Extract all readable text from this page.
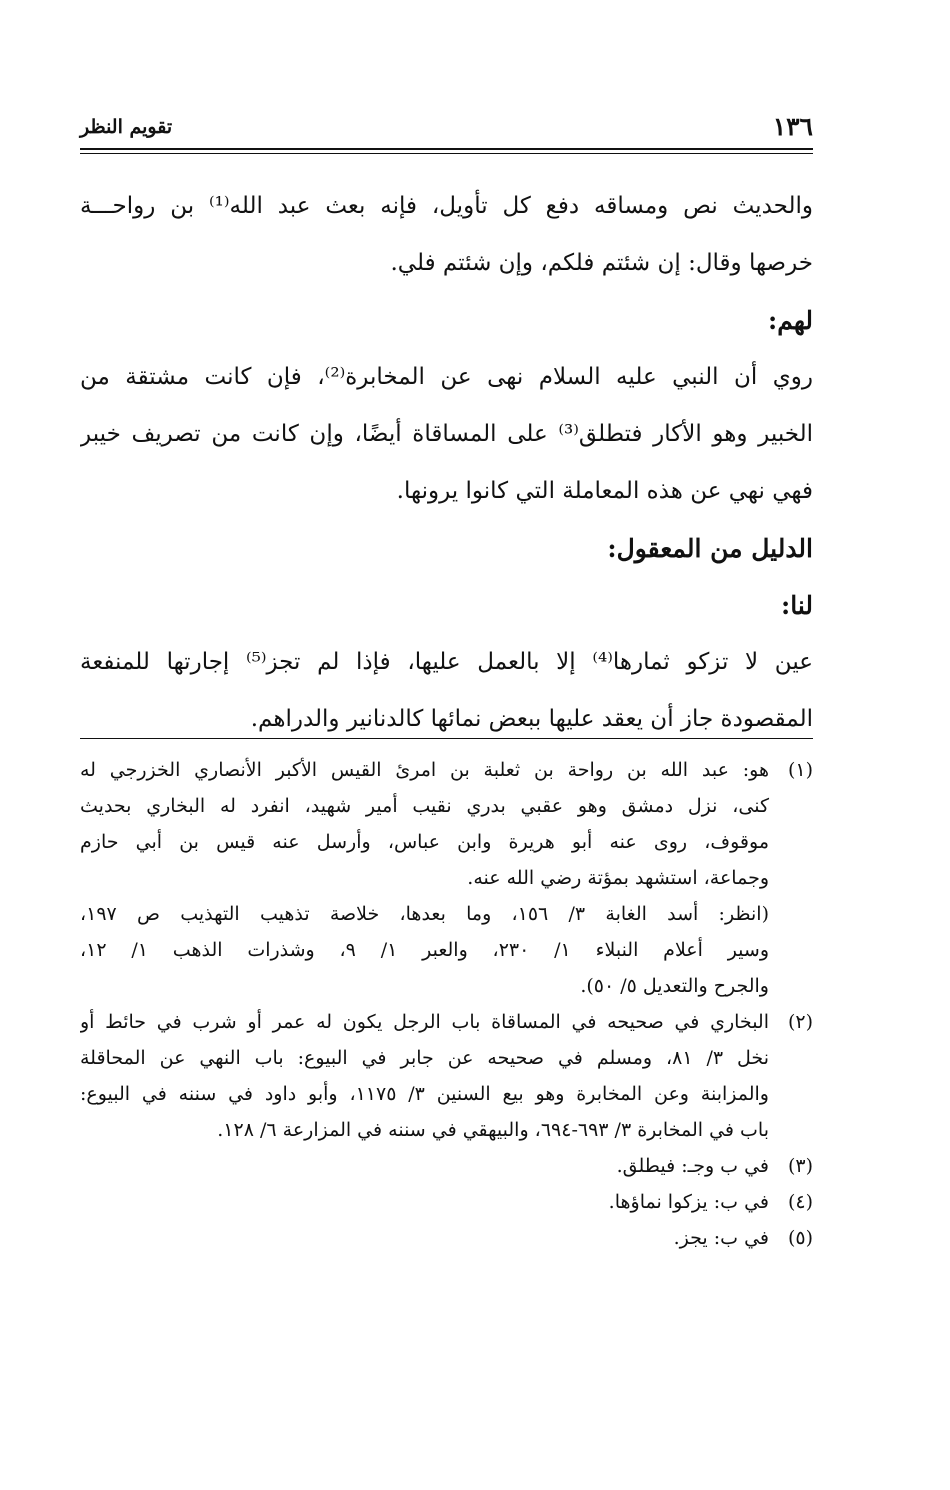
١٣٦
تقويم النظر
والحديث نص ومساقه دفع كل تأويل، فإنه بعث عبد الله⁽¹⁾ بن رواحـــة
خرصها وقال: إن شئتم فلكم، وإن شئتم فلي.
لهم:
روي أن النبي عليه السلام نهى عن المخابرة⁽²⁾، فإن كانت مشتقة من
الخبير وهو الأكار فتطلق⁽³⁾ على المساقاة أيضًا، وإن كانت من تصريف خيبر
فهي نهي عن هذه المعاملة التي كانوا يرونها.
الدليل من المعقول:
لنا:
عين لا تزكو ثمارها⁽⁴⁾ إلا بالعمل عليها، فإذا لم تجز⁽⁵⁾ إجارتها للمنفعة
المقصودة جاز أن يعقد عليها ببعض نمائها كالدنانير والدراهم.
(١)هو: عبد الله بن رواحة بن ثعلبة بن امرئ القيس الأكبر الأنصاري الخزرجي له
كنى، نزل دمشق وهو عقبي بدري نقيب أمير شهيد، انفرد له البخاري بحديث
موقوف، روى عنه أبو هريرة وابن عباس، وأرسل عنه قيس بن أبي حازم
وجماعة، استشهد بمؤتة رضي الله عنه.
(انظر: أسد الغابة ٣/ ١٥٦، وما بعدها، خلاصة تذهيب التهذيب ص ١٩٧،
وسير أعلام النبلاء ١/ ٢٣٠، والعبر ١/ ٩، وشذرات الذهب ١/ ١٢،
والجرح والتعديل ٥/ ٥٠).
(٢)البخاري في صحيحه في المساقاة باب الرجل يكون له عمر أو شرب في حائط أو
نخل ٣/ ٨١، ومسلم في صحيحه عن جابر في البيوع: باب النهي عن المحاقلة
والمزابنة وعن المخابرة وهو بيع السنين ٣/ ١١٧٥، وأبو داود في سننه في البيوع:
باب في المخابرة ٣/ ٦٩٣-٦٩٤، والبيهقي في سننه في المزارعة ٦/ ١٢٨.
(٣)في ب وجـ: فيطلق.
(٤)في ب: يزكوا نماؤها.
(٥)في ب: يجز.
